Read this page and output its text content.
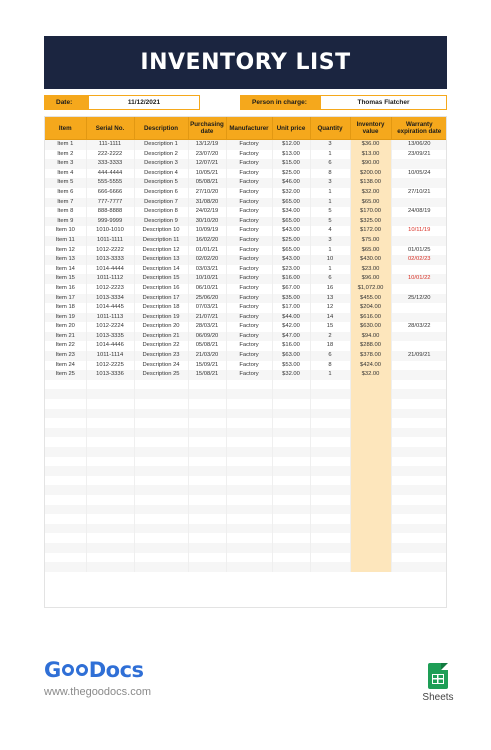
INVENTORY LIST
Date:	11/12/2021	Person in charge:	Thomas Flatcher
Item	Serial No.	Description	Purchasing date	Manufacturer	Unit price	Quantity	Inventory value	Warranty expiration date
Item 1	111-1111	Description 1	13/12/19	Factory	$12.00	3	$36.00	13/06/20
Item 2	222-2222	Description 2	23/07/20	Factory	$13.00	1	$13.00	23/09/21
Item 3	333-3333	Description 3	12/07/21	Factory	$15.00	6	$90.00	
Item 4	444-4444	Description 4	10/05/21	Factory	$25.00	8	$200.00	10/05/24
Item 5	555-5555	Description 5	05/08/21	Factory	$46.00	3	$138.00	
Item 6	666-6666	Description 6	27/10/20	Factory	$32.00	1	$32.00	27/10/21
Item 7	777-7777	Description 7	31/08/20	Factory	$65.00	1	$65.00	
Item 8	888-8888	Description 8	24/02/19	Factory	$34.00	5	$170.00	24/08/19
Item 9	999-9999	Description 9	30/10/20	Factory	$65.00	5	$325.00	
Item 10	1010-1010	Description 10	10/09/19	Factory	$43.00	4	$172.00	10/11/19
Item 11	1011-1111	Description 11	16/02/20	Factory	$25.00	3	$75.00	
Item 12	1012-2222	Description 12	01/01/21	Factory	$65.00	1	$65.00	01/01/25
Item 13	1013-3333	Description 13	02/02/20	Factory	$43.00	10	$430.00	02/02/23
Item 14	1014-4444	Description 14	03/03/21	Factory	$23.00	1	$23.00	
Item 15	1011-1112	Description 15	10/10/21	Factory	$16.00	6	$96.00	10/01/22
Item 16	1012-2223	Description 16	06/10/21	Factory	$67.00	16	$1,072.00	
Item 17	1013-3334	Description 17	25/06/20	Factory	$35.00	13	$455.00	25/12/20
Item 18	1014-4445	Description 18	07/03/21	Factory	$17.00	12	$204.00	
Item 19	1011-1113	Description 19	21/07/21	Factory	$44.00	14	$616.00	
Item 20	1012-2224	Description 20	28/03/21	Factory	$42.00	15	$630.00	28/03/22
Item 21	1013-3335	Description 21	06/09/20	Factory	$47.00	2	$94.00	
Item 22	1014-4446	Description 22	05/08/21	Factory	$16.00	18	$288.00	
Item 23	1011-1114	Description 23	21/03/20	Factory	$63.00	6	$378.00	21/09/21
Item 24	1012-2225	Description 24	15/09/21	Factory	$53.00	8	$424.00	
Item 25	1013-3336	Description 25	15/08/21	Factory	$32.00	1	$32.00	

G Docs
www.thegoodocs.com	Sheets
